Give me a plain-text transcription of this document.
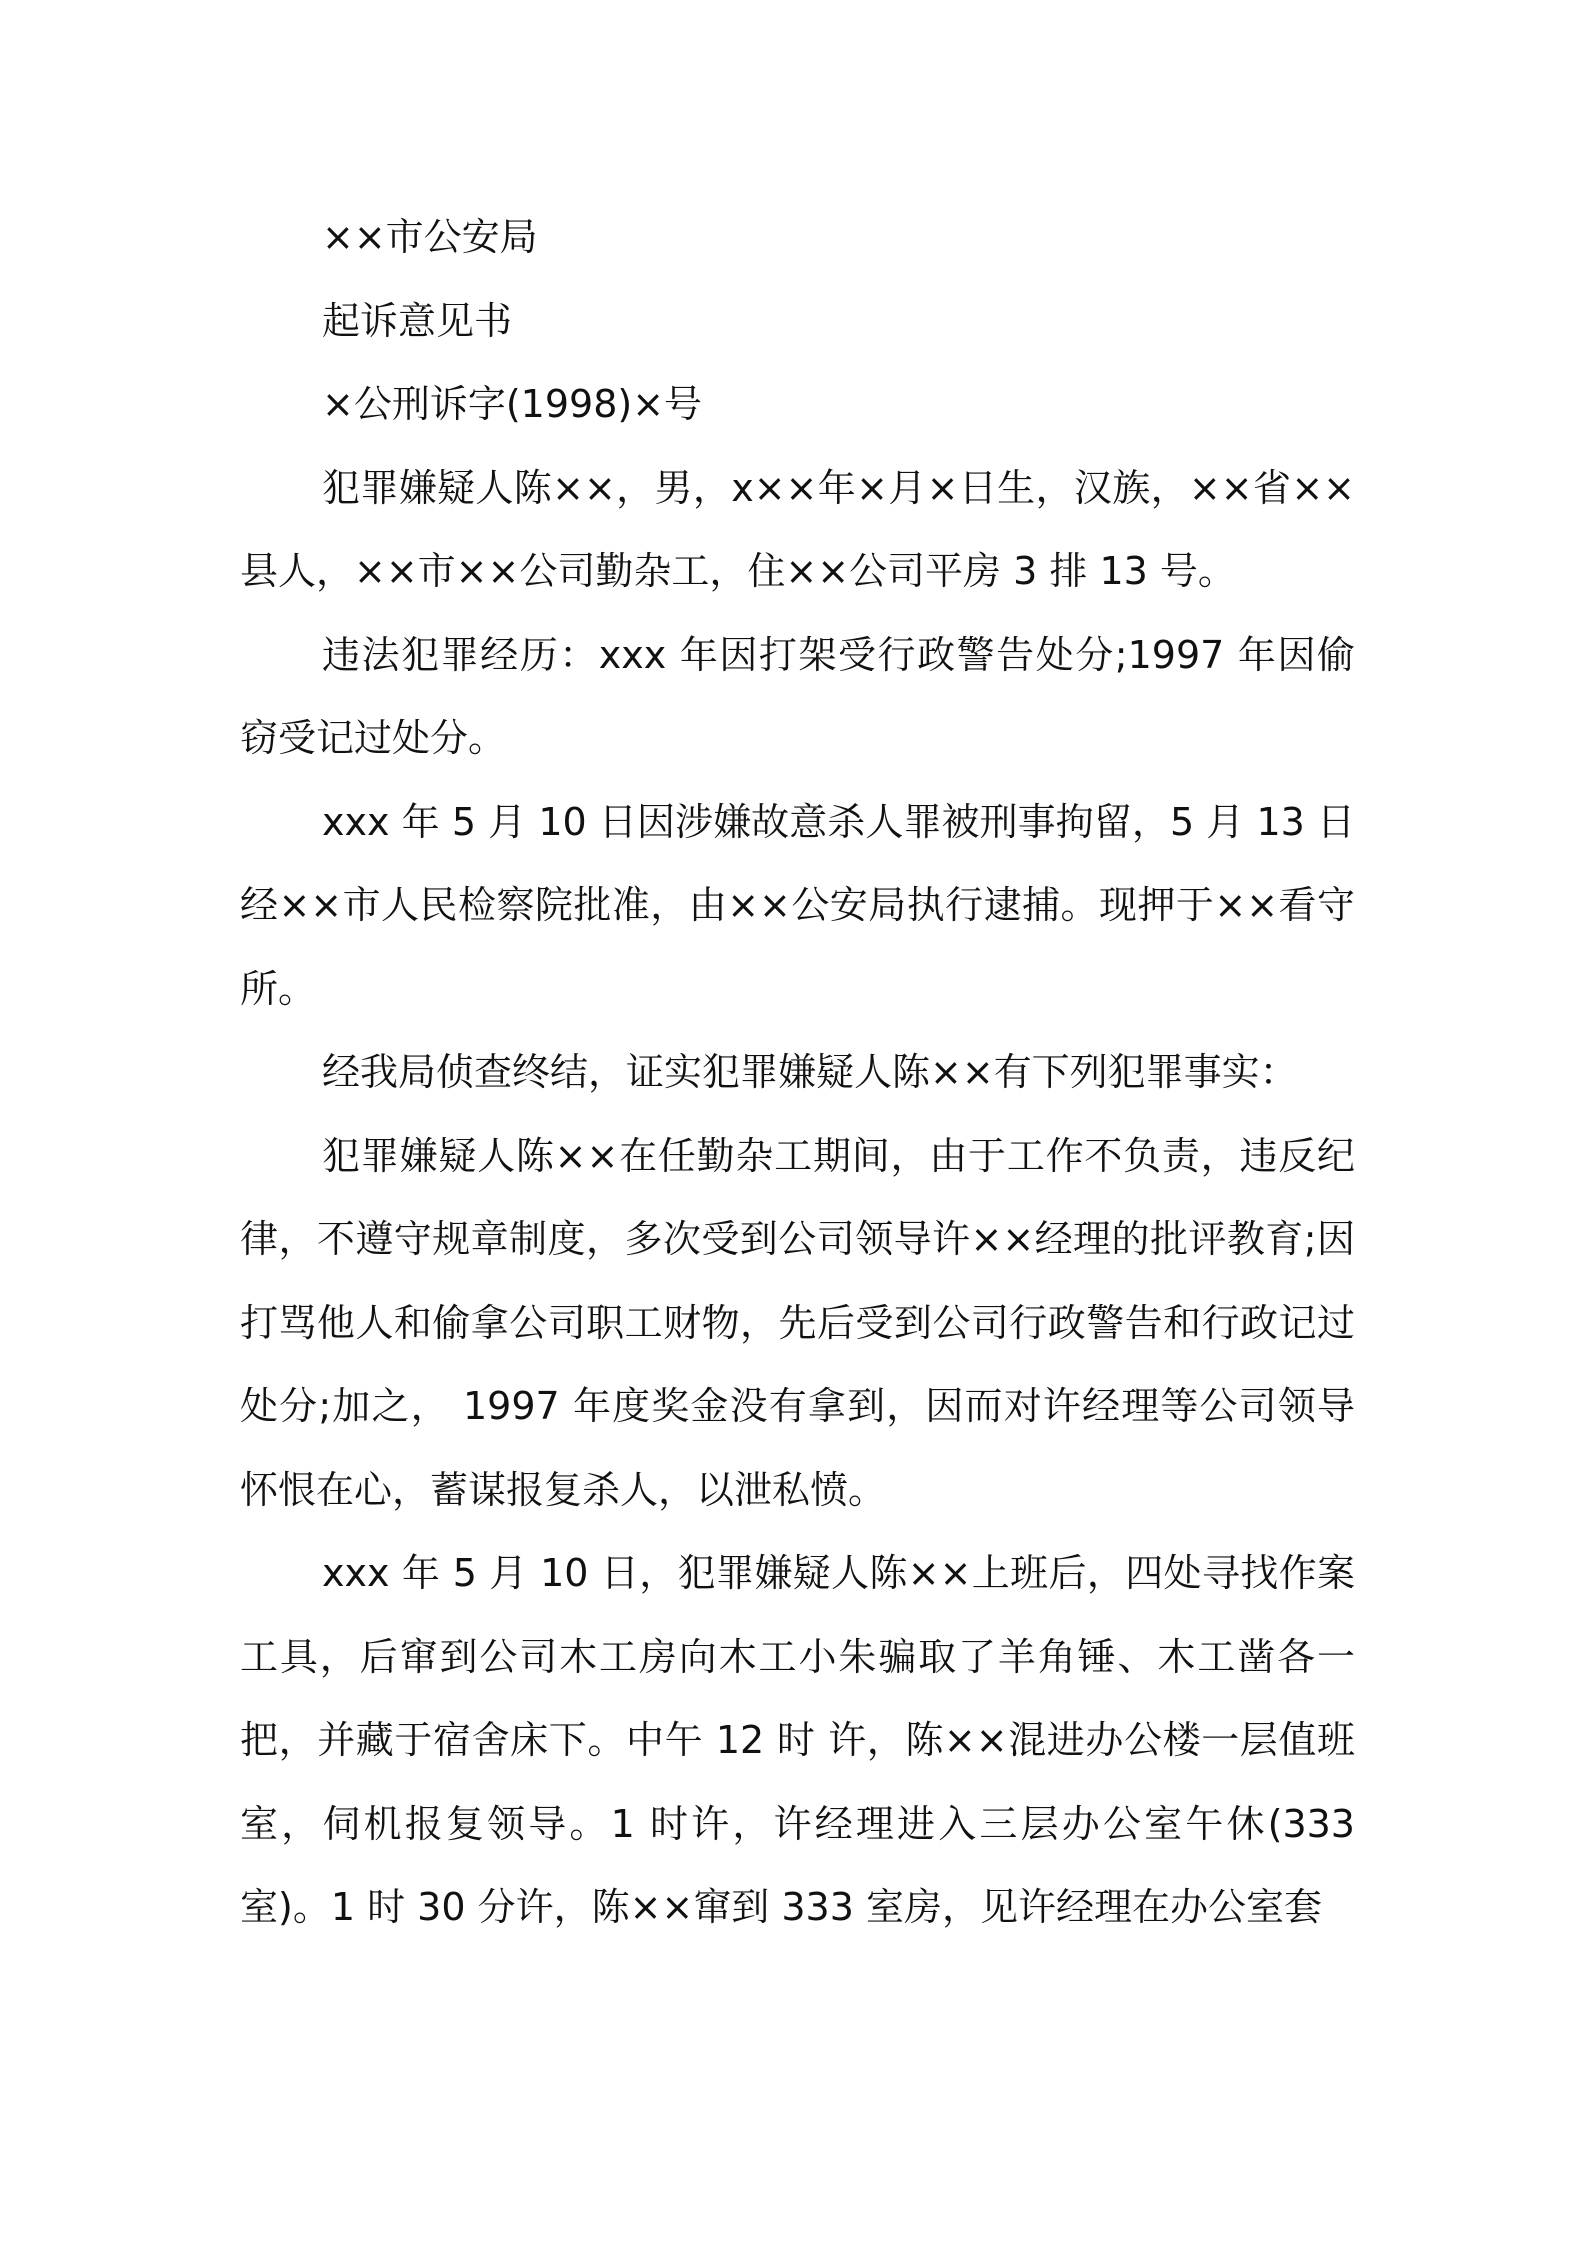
××市公安局

起诉意见书

×公刑诉字(1998)×号

犯罪嫌疑人陈××，男，x××年×月×日生，汉族，××省××县人，××市××公司勤杂工，住××公司平房 3 排 13 号。

违法犯罪经历：xxx 年因打架受行政警告处分;1997 年因偷窃受记过处分。

xxx 年 5 月 10 日因涉嫌故意杀人罪被刑事拘留，5 月 13 日经××市人民检察院批准，由××公安局执行逮捕。现押于××看守所。

经我局侦查终结，证实犯罪嫌疑人陈××有下列犯罪事实：

犯罪嫌疑人陈××在任勤杂工期间，由于工作不负责，违反纪律，不遵守规章制度，多次受到公司领导许××经理的批评教育;因打骂他人和偷拿公司职工财物，先后受到公司行政警告和行政记过处分;加之， 1997 年度奖金没有拿到，因而对许经理等公司领导怀恨在心，蓄谋报复杀人，以泄私愤。

xxx 年 5 月 10 日，犯罪嫌疑人陈××上班后，四处寻找作案工具，后窜到公司木工房向木工小朱骗取了羊角锤、木工凿各一把，并藏于宿舍床下。中午 12 时 许，陈××混进办公楼一层值班室，伺机报复领导。1 时许，许经理进入三层办公室午休(333 室)。1 时 30 分许，陈××窜到 333 室房，见许经理在办公室套
